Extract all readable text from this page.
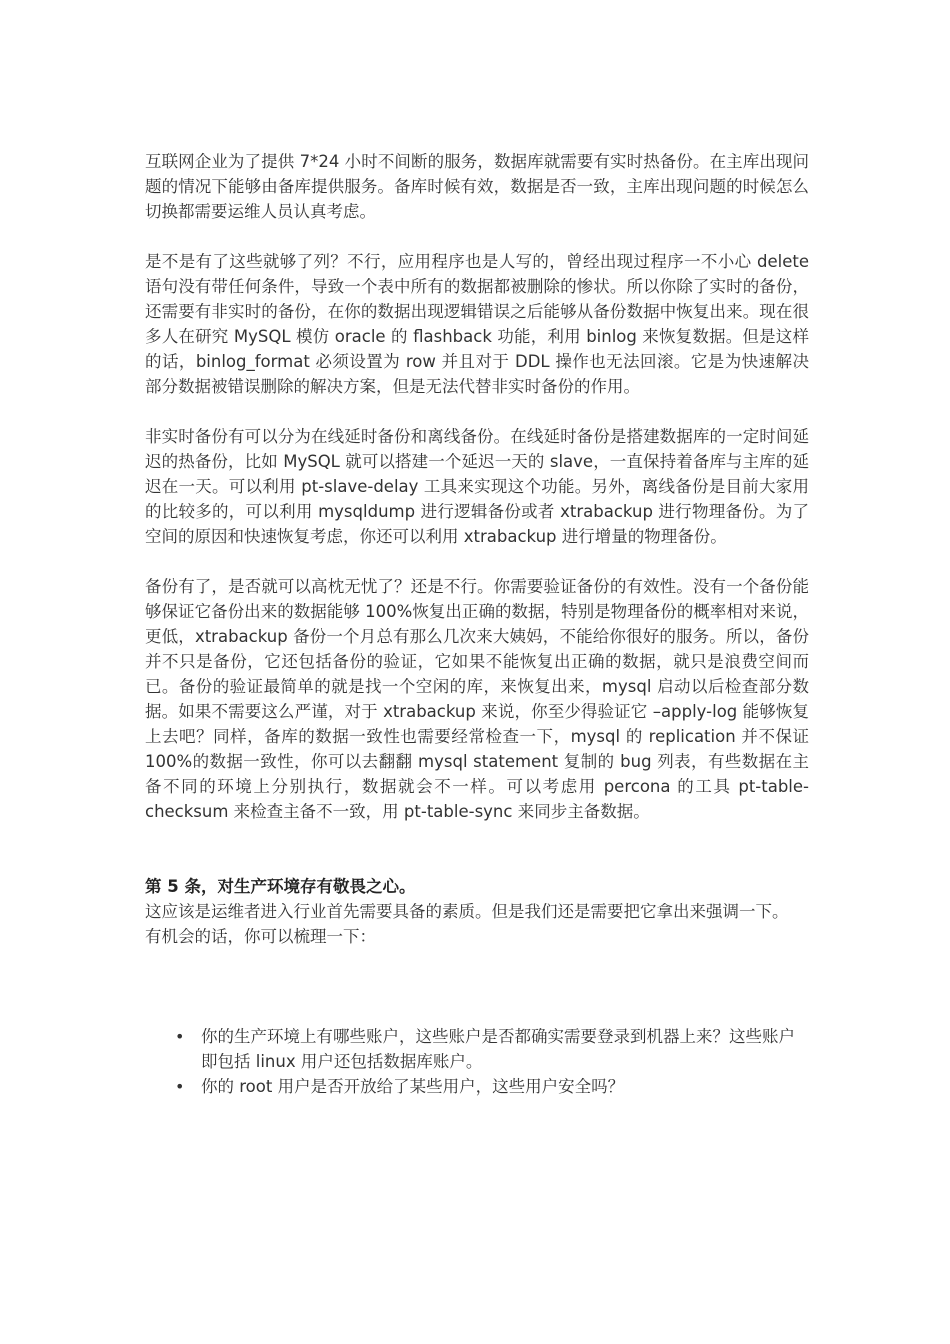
互联网企业为了提供 7*24 小时不间断的服务，数据库就需要有实时热备份。在主库出现问题的情况下能够由备库提供服务。备库时候有效，数据是否一致，主库出现问题的时候怎么切换都需要运维人员认真考虑。

是不是有了这些就够了列？不行，应用程序也是人写的，曾经出现过程序一不小心 delete 语句没有带任何条件，导致一个表中所有的数据都被删除的惨状。所以你除了实时的备份，还需要有非实时的备份，在你的数据出现逻辑错误之后能够从备份数据中恢复出来。现在很多人在研究 MySQL 模仿 oracle 的 flashback 功能，利用 binlog 来恢复数据。但是这样的话，binlog_format 必须设置为 row 并且对于 DDL 操作也无法回滚。它是为快速解决部分数据被错误删除的解决方案，但是无法代替非实时备份的作用。

非实时备份有可以分为在线延时备份和离线备份。在线延时备份是搭建数据库的一定时间延迟的热备份，比如 MySQL 就可以搭建一个延迟一天的 slave，一直保持着备库与主库的延迟在一天。可以利用 pt-slave-delay 工具来实现这个功能。另外，离线备份是目前大家用的比较多的，可以利用 mysqldump 进行逻辑备份或者 xtrabackup 进行物理备份。为了空间的原因和快速恢复考虑，你还可以利用 xtrabackup 进行增量的物理备份。

备份有了，是否就可以高枕无忧了？还是不行。你需要验证备份的有效性。没有一个备份能够保证它备份出来的数据能够 100%恢复出正确的数据，特别是物理备份的概率相对来说，更低，xtrabackup 备份一个月总有那么几次来大姨妈，不能给你很好的服务。所以，备份并不只是备份，它还包括备份的验证，它如果不能恢复出正确的数据，就只是浪费空间而已。备份的验证最简单的就是找一个空闲的库，来恢复出来，mysql 启动以后检查部分数据。如果不需要这么严谨，对于 xtrabackup 来说，你至少得验证它 –apply-log 能够恢复上去吧？同样，备库的数据一致性也需要经常检查一下，mysql 的 replication 并不保证 100%的数据一致性，你可以去翻翻 mysql statement 复制的 bug 列表，有些数据在主备不同的环境上分别执行，数据就会不一样。可以考虑用 percona 的工具 pt-table-checksum 来检查主备不一致，用 pt-table-sync 来同步主备数据。

第 5 条，对生产环境存有敬畏之心。

这应该是运维者进入行业首先需要具备的素质。但是我们还是需要把它拿出来强调一下。

有机会的话，你可以梳理一下：

• 你的生产环境上有哪些账户，这些账户是否都确实需要登录到机器上来？这些账户即包括 linux 用户还包括数据库账户。
• 你的 root 用户是否开放给了某些用户，这些用户安全吗？
